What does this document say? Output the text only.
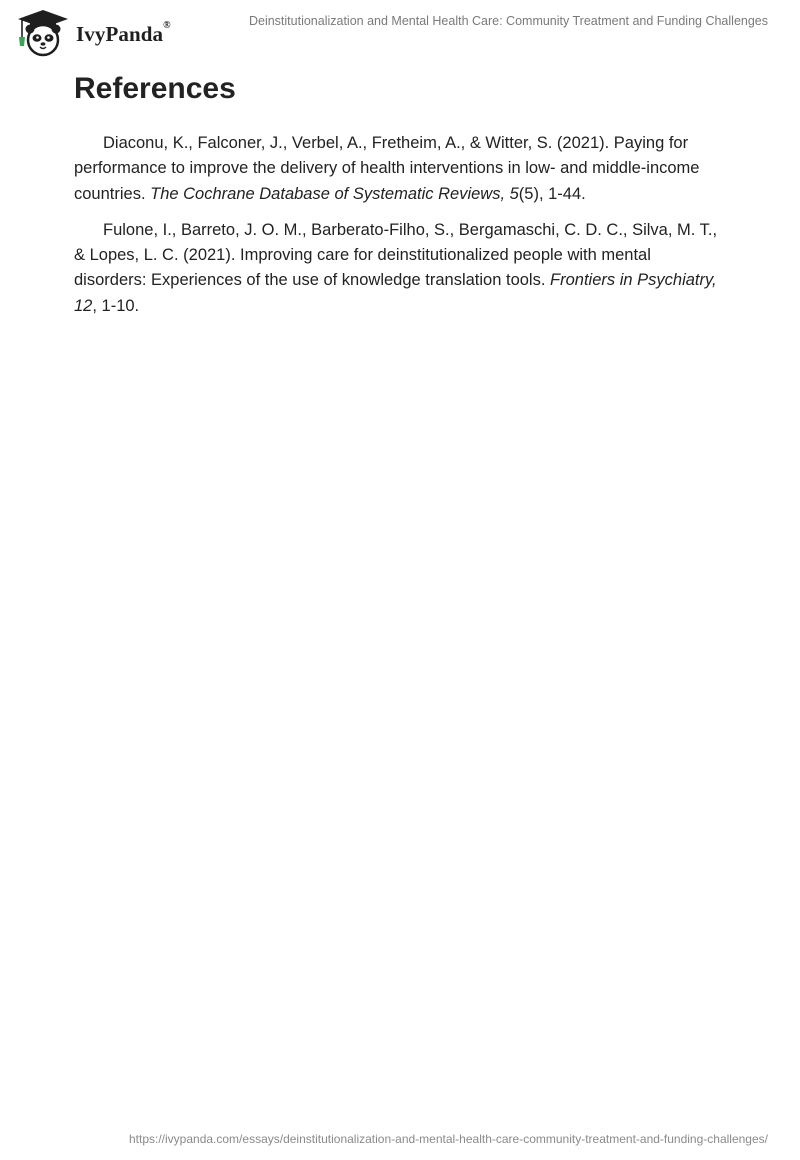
IvyPanda®	Deinstitutionalization and Mental Health Care: Community Treatment and Funding Challenges
References

Diaconu, K., Falconer, J., Verbel, A., Fretheim, A., & Witter, S. (2021). Paying for performance to improve the delivery of health interventions in low- and middle-income countries. The Cochrane Database of Systematic Reviews, 5(5), 1-44.

Fulone, I., Barreto, J. O. M., Barberato-Filho, S., Bergamaschi, C. D. C., Silva, M. T., & Lopes, L. C. (2021). Improving care for deinstitutionalized people with mental disorders: Experiences of the use of knowledge translation tools. Frontiers in Psychiatry, 12, 1-10.

https://ivypanda.com/essays/deinstitutionalization-and-mental-health-care-community-treatment-and-funding-challenges/
